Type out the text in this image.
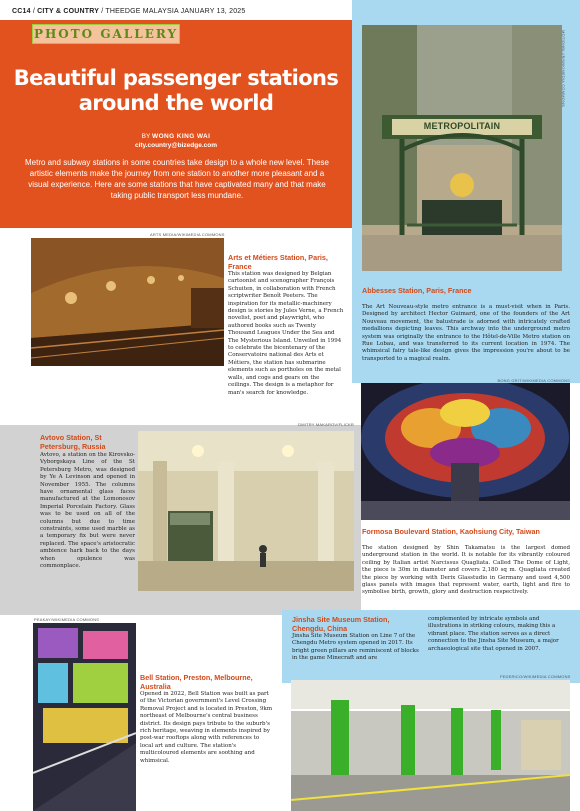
CC14 / CITY & COUNTRY / THEEDGE MALAYSIA JANUARY 13, 2025
PHOTO GALLERY
Beautiful passenger stations around the world
BY WONG KING WAI
city.country@bizedge.com
Metro and subway stations in some countries take design to a whole new level. These artistic elements make the journey from one station to another more pleasant and a visual experience. Here are some stations that have captivated many and that make taking public transport less mundane.
METROPOLITAIN
MOTIONBLUR/WIKIMEDIA COMMONS
Abbesses Station, Paris, France
The Art Nouveau-style metro entrance is a must-visit when in Paris. Designed by architect Hector Guimard, one of the founders of the Art Nouveau movement, the balustrade is adorned with intricately crafted medallions depicting leaves. This archway into the underground metro system was originally the entrance to the Hôtel-de-Ville Metro station on Rue Lobau, and was transferred to its current location in 1974. The whimsical fairy tale-like design gives the impression you're about to be transported to a magical realm.
ARTS MEDIA/WIKIMEDIA COMMONS
Arts et Métiers Station, Paris, France
This station was designed by Belgian cartoonist and scenographer François Schuiten, in collaboration with French scriptwriter Benoît Peeters. The inspiration for its metallic-machinery design is stories by Jules Verne, a French novelist, poet and playwright, who authored books such as Twenty Thousand Leagues Under the Sea and The Mysterious Island. Unveiled in 1994 to celebrate the bicentenary of the Conservatoire national des Arts et Métiers, the station has submarine elements such as portholes on the metal walls, and cogs and gears on the ceilings. The design is a metaphor for man's search for knowledge.
BONG GRIT/WIKIMEDIA COMMONS
Formosa Boulevard Station, Kaohsiung City, Taiwan
The station designed by Shin Takamatsu is the largest domed underground station in the world. It is notable for its vibrantly coloured ceiling by Italian artist Narcissus Quagliata. Called The Dome of Light, the piece is 30m in diameter and covers 2,180 sq m. Quagliata created the piece by working with Derix Glasstudio in Germany and used 4,500 glass panels with images that represent water, earth, light and fire to symbolise birth, growth, glory and destruction respectively.
Avtovo Station, St Petersburg, Russia
Avtovo, a station on the Kirovsko-Vyborgskaya Line of the St Petersburg Metro, was designed by Ye A Levinson and opened in November 1955. The columns have ornamental glass faces manufactured at the Lomonosov Imperial Porcelain Factory. Glass was to be used on all of the columns but due to time constraints, some used marble as a temporary fix but were never replaced. The space's aristocratic ambience hark back to the days when opulence was commonplace.
DMITRY MAKAROV/FLICKR
PEAKAY/WIKIMEDIA COMMONS
Bell Station, Preston, Melbourne, Australia
Opened in 2022, Bell Station was built as part of the Victorian government's Level Crossing Removal Project and is located in Preston, 9km northeast of Melbourne's central business district. Its design pays tribute to the suburb's rich heritage, weaving in elements inspired by post-war rooftops along with references to local art and culture. The station's multicoloured elements are soothing and whimsical.
Jinsha Site Museum Station, Chengdu, China
Jinsha Site Museum Station on Line 7 of the Chengdu Metro system opened in 2017. Its bright green pillars are reminiscent of blocks in the game Minecraft and are
complemented by intricate symbols and illustrations in striking colours, making this a vibrant place. The station serves as a direct connection to the Jinsha Site Museum, a major archaeological site that opened in 2007.
FEDERICO/WIKIMEDIA COMMONS
